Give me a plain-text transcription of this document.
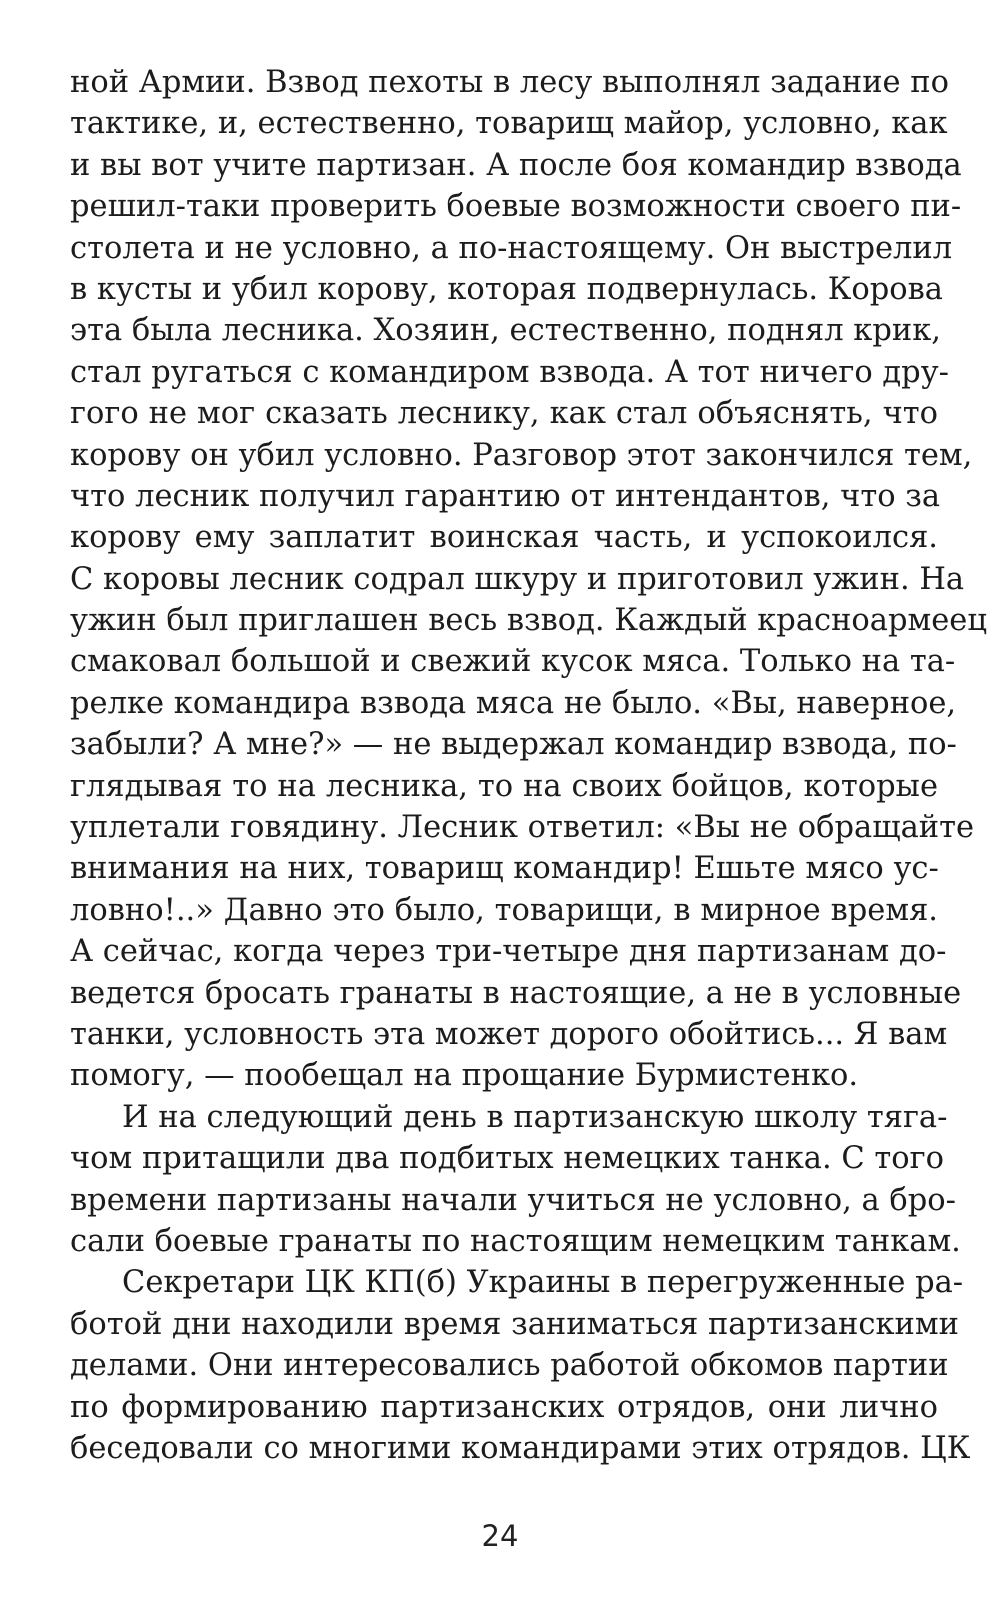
ной Армии. Взвод пехоты в лесу выполнял задание по
тактике, и, естественно, товарищ майор, условно, как
и вы вот учите партизан. А после боя командир взвода
решил-таки проверить боевые возможности своего пи-
столета и не условно, а по-настоящему. Он выстрелил
в кусты и убил корову, которая подвернулась. Корова
эта была лесника. Хозяин, естественно, поднял крик,
стал ругаться с командиром взвода. А тот ничего дру-
гого не мог сказать леснику, как стал объяснять, что
корову он убил условно. Разговор этот закончился тем,
что лесник получил гарантию от интендантов, что за
корову ему заплатит воинская часть, и успокоился.
С коровы лесник содрал шкуру и приготовил ужин. На
ужин был приглашен весь взвод. Каждый красноармеец
смаковал большой и свежий кусок мяса. Только на та-
релке командира взвода мяса не было. «Вы, наверное,
забыли? А мне?» — не выдержал командир взвода, по-
глядывая то на лесника, то на своих бойцов, которые
уплетали говядину. Лесник ответил: «Вы не обращайте
внимания на них, товарищ командир! Ешьте мясо ус-
ловно!..» Давно это было, товарищи, в мирное время.
А сейчас, когда через три-четыре дня партизанам до-
ведется бросать гранаты в настоящие, а не в условные
танки, условность эта может дорого обойтись... Я вам
помогу, — пообещал на прощание Бурмистенко.
И на следующий день в партизанскую школу тяга-
чом притащили два подбитых немецких танка. С того
времени партизаны начали учиться не условно, а бро-
сали боевые гранаты по настоящим немецким танкам.
Секретари ЦК КП(б) Украины в перегруженные ра-
ботой дни находили время заниматься партизанскими
делами. Они интересовались работой обкомов партии
по формированию партизанских отрядов, они лично
беседовали со многими командирами этих отрядов. ЦК
24
